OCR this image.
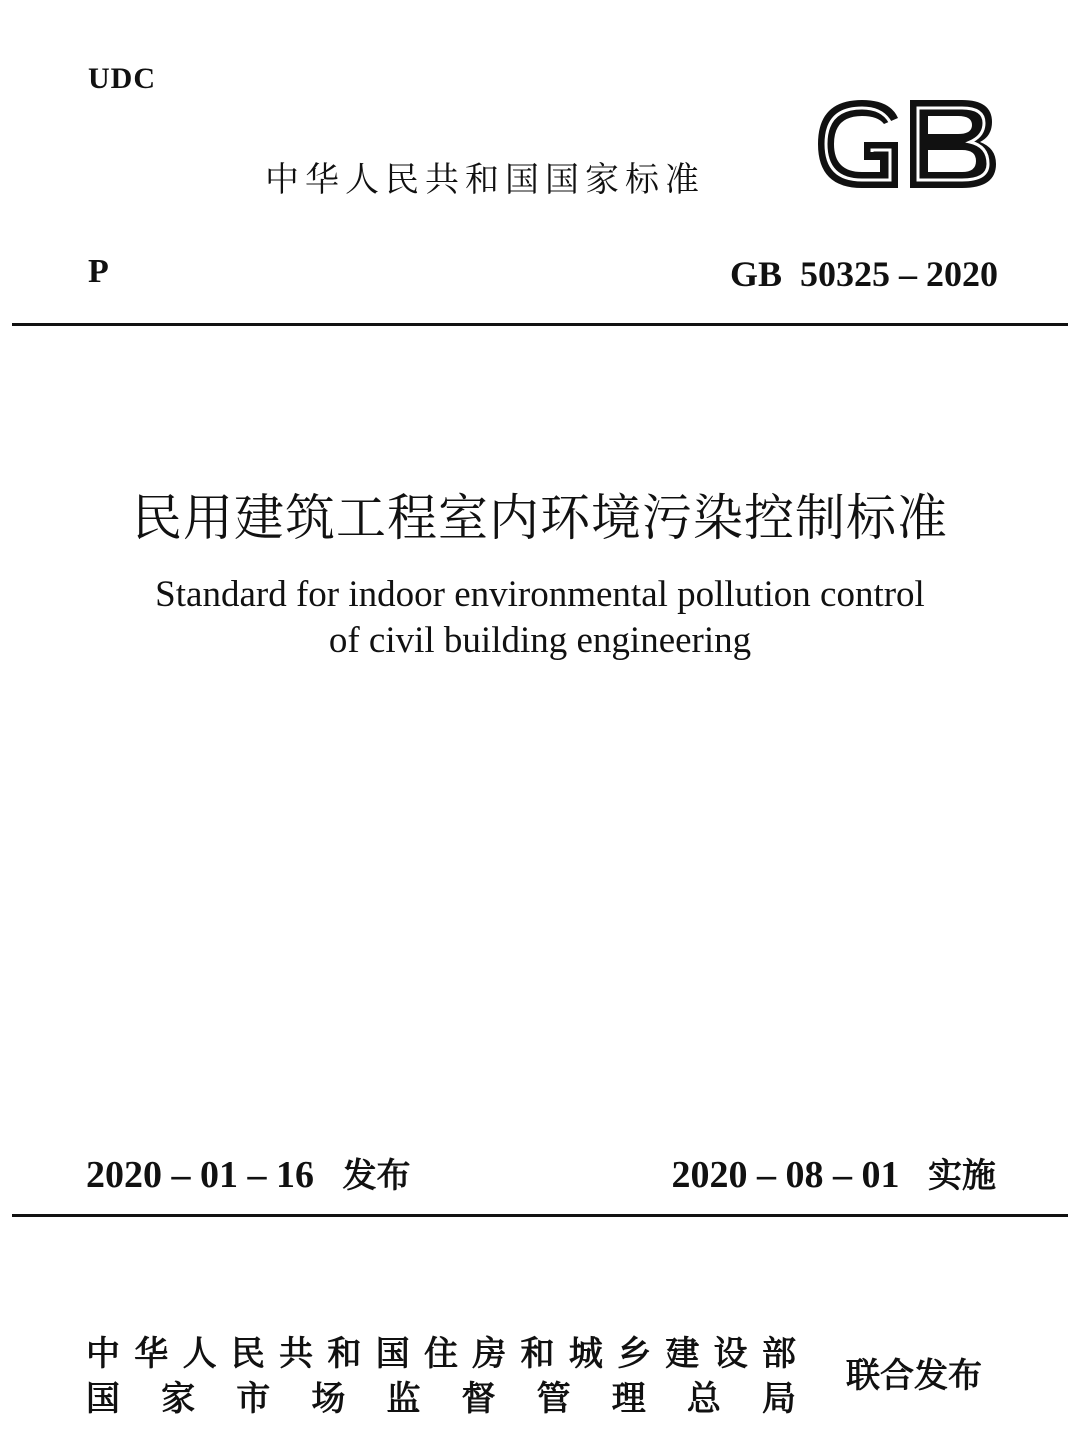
UDC
中华人民共和国国家标准
P	GB  50325 – 2020
民用建筑工程室内环境污染控制标准
Standard for indoor environmental pollution control
of civil building engineering
2020 – 01 – 16 发布	2020 – 08 – 01 实施
中 华 人 民 共 和 国 住 房 和 城 乡 建 设 部
国 家 市 场 监 督 管 理 总 局
联合发布
